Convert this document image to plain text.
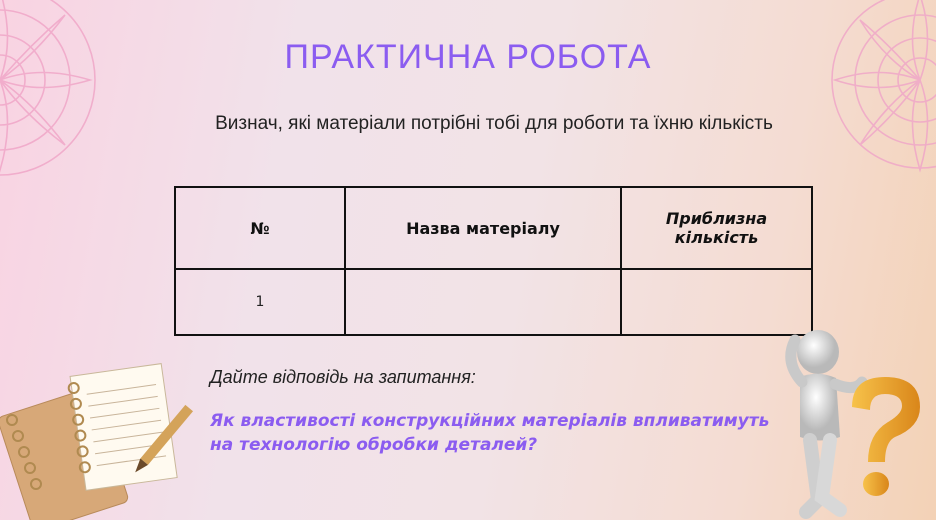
ПРАКТИЧНА РОБОТА
Визнач, які матеріали потрібні тобі для роботи та їхню кількість
№	Назва матеріалу	Приблизна кількість
1		
Дайте відповідь на запитання:
Як властивості конструкційних матеріалів впливатимуть на технологію обробки деталей?
